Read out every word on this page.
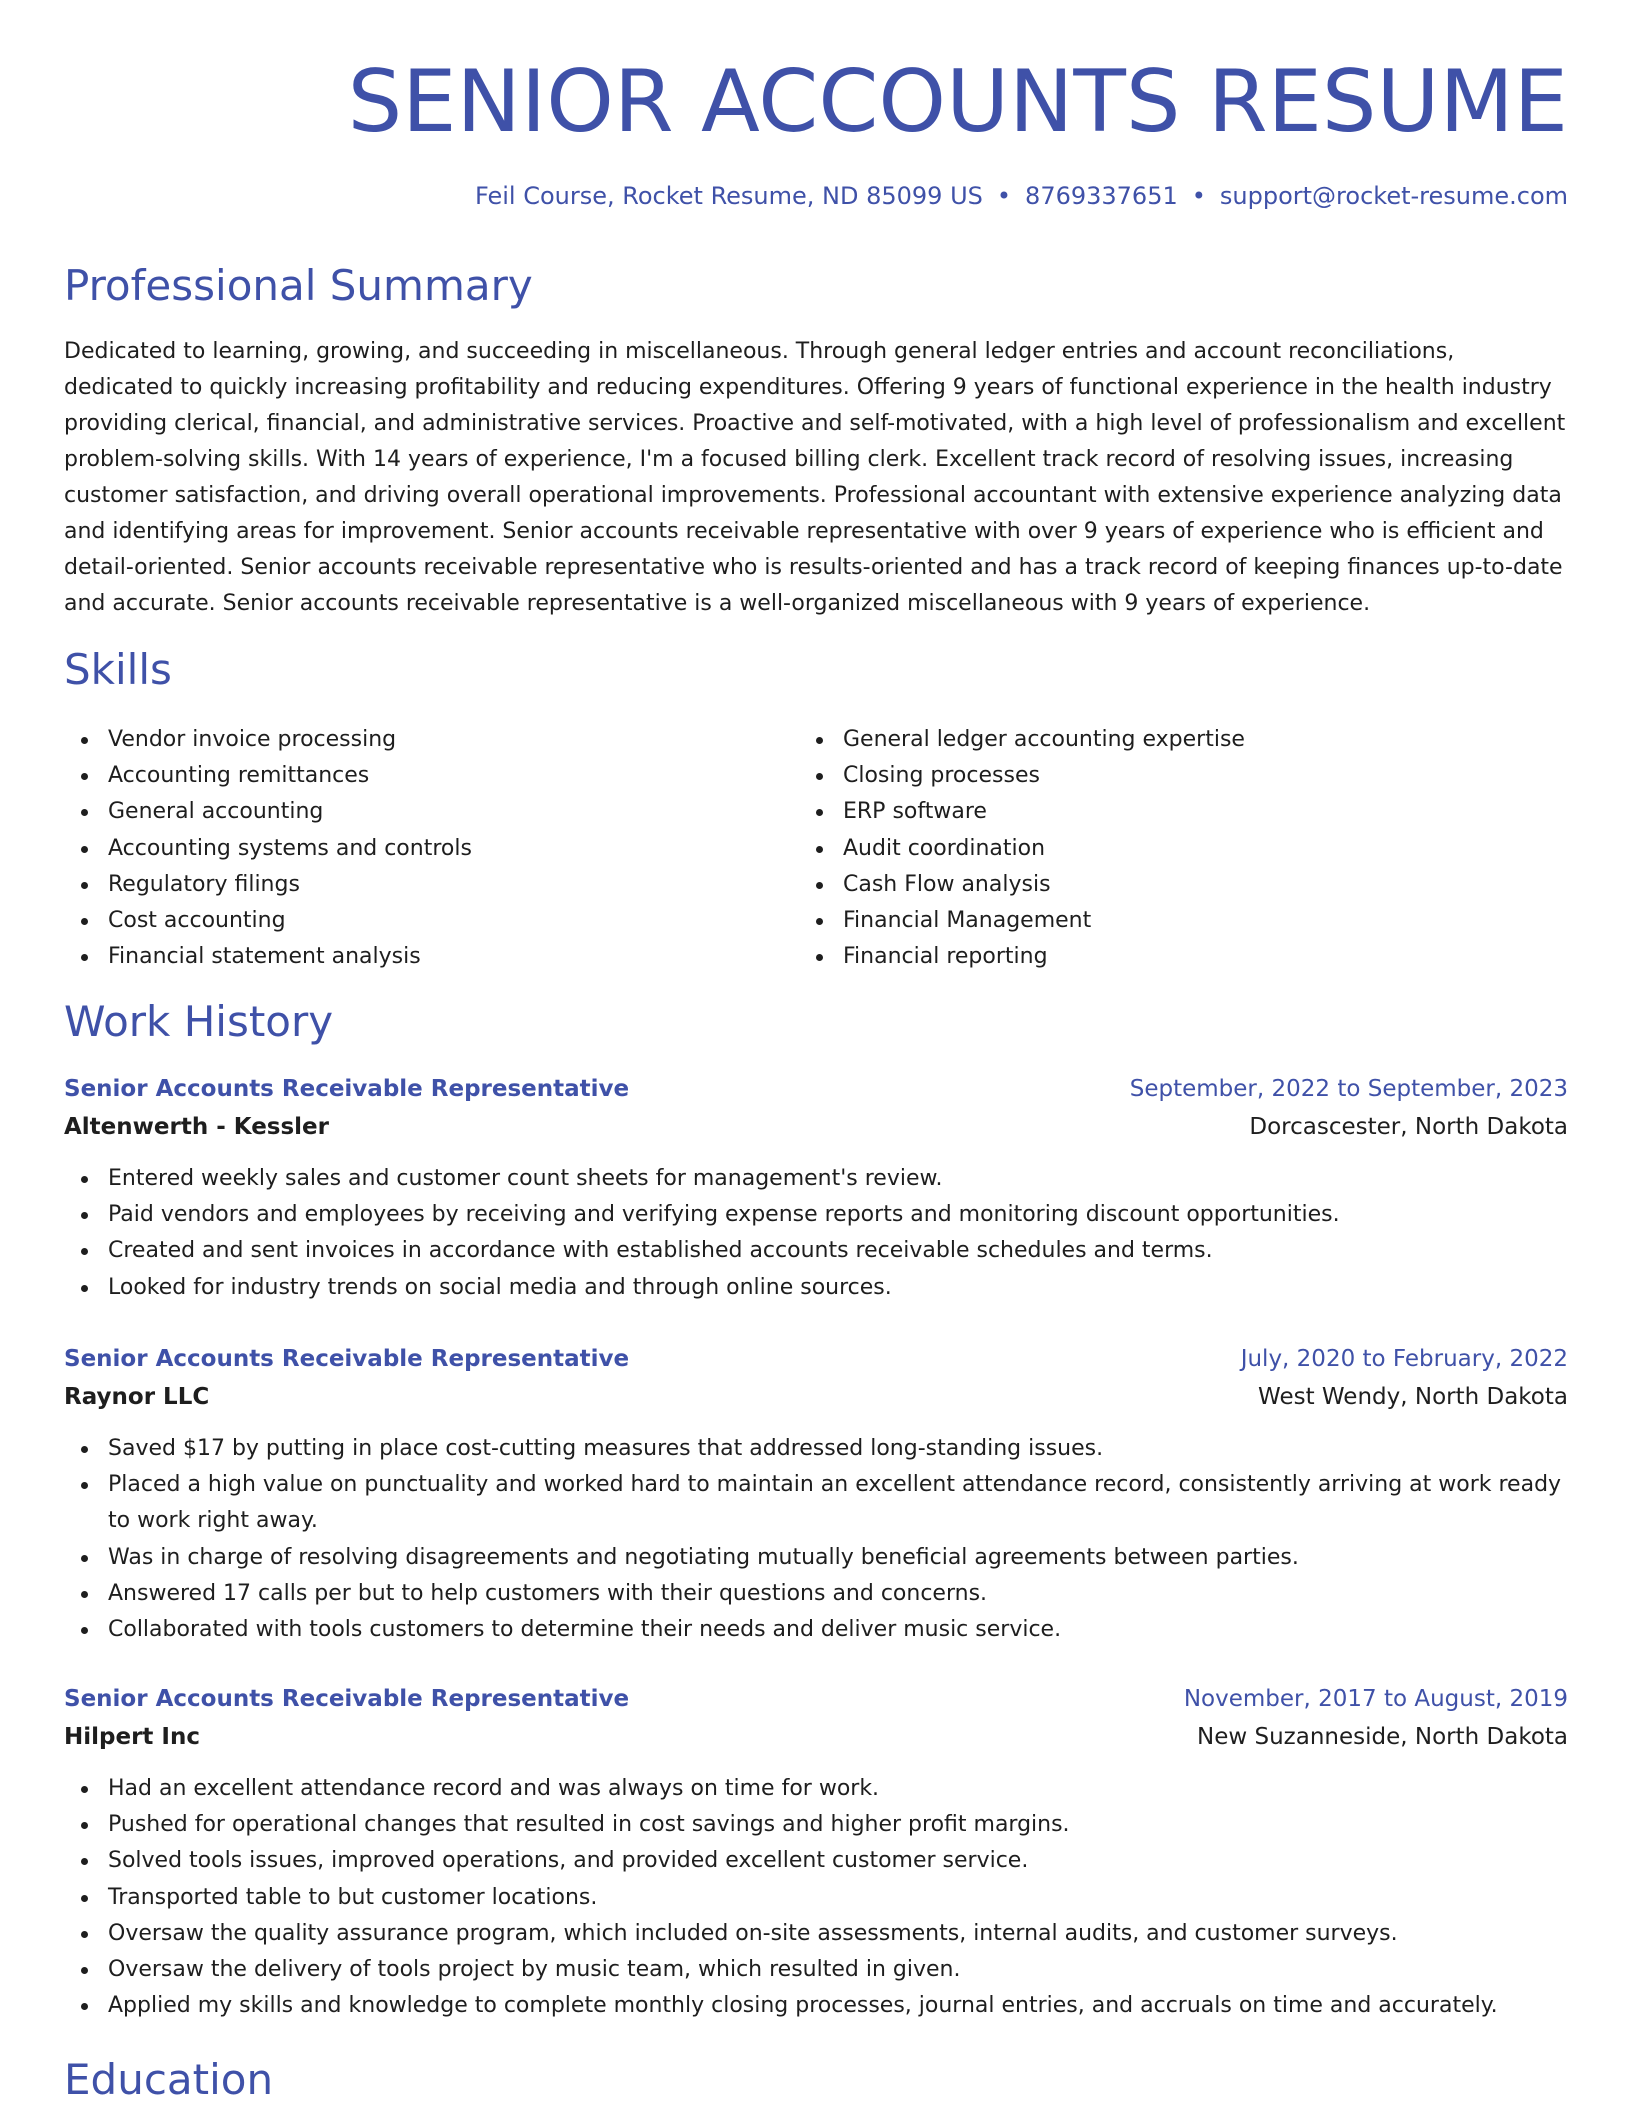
SENIOR ACCOUNTS RESUME
Feil Course, Rocket Resume, ND 85099 US • 8769337651 • support@rocket-resume.com
Professional Summary

Dedicated to learning, growing, and succeeding in miscellaneous. Through general ledger entries and account reconciliations, dedicated to quickly increasing profitability and reducing expenditures. Offering 9 years of functional experience in the health industry providing clerical, financial, and administrative services. Proactive and self-motivated, with a high level of professionalism and excellent problem-solving skills. With 14 years of experience, I'm a focused billing clerk. Excellent track record of resolving issues, increasing customer satisfaction, and driving overall operational improvements. Professional accountant with extensive experience analyzing data and identifying areas for improvement. Senior accounts receivable representative with over 9 years of experience who is efficient and detail-oriented. Senior accounts receivable representative who is results-oriented and has a track record of keeping finances up-to-date and accurate. Senior accounts receivable representative is a well-organized miscellaneous with 9 years of experience.

Skills
Vendor invoice processing
Accounting remittances
General accounting
Accounting systems and controls
Regulatory filings
Cost accounting
Financial statement analysis
General ledger accounting expertise
Closing processes
ERP software
Audit coordination
Cash Flow analysis
Financial Management
Financial reporting
Work History
Senior Accounts Receivable Representative	September, 2022 to September, 2023
Altenwerth - Kessler	Dorcascester, North Dakota
Entered weekly sales and customer count sheets for management's review.
Paid vendors and employees by receiving and verifying expense reports and monitoring discount opportunities.
Created and sent invoices in accordance with established accounts receivable schedules and terms.
Looked for industry trends on social media and through online sources.
Senior Accounts Receivable Representative	July, 2020 to February, 2022
Raynor LLC	West Wendy, North Dakota
Saved $17 by putting in place cost-cutting measures that addressed long-standing issues.
Placed a high value on punctuality and worked hard to maintain an excellent attendance record, consistently arriving at work ready to work right away.
Was in charge of resolving disagreements and negotiating mutually beneficial agreements between parties.
Answered 17 calls per but to help customers with their questions and concerns.
Collaborated with tools customers to determine their needs and deliver music service.
Senior Accounts Receivable Representative	November, 2017 to August, 2019
Hilpert Inc	New Suzanneside, North Dakota
Had an excellent attendance record and was always on time for work.
Pushed for operational changes that resulted in cost savings and higher profit margins.
Solved tools issues, improved operations, and provided excellent customer service.
Transported table to but customer locations.
Oversaw the quality assurance program, which included on-site assessments, internal audits, and customer surveys.
Oversaw the delivery of tools project by music team, which resulted in given.
Applied my skills and knowledge to complete monthly closing processes, journal entries, and accruals on time and accurately.
Education
